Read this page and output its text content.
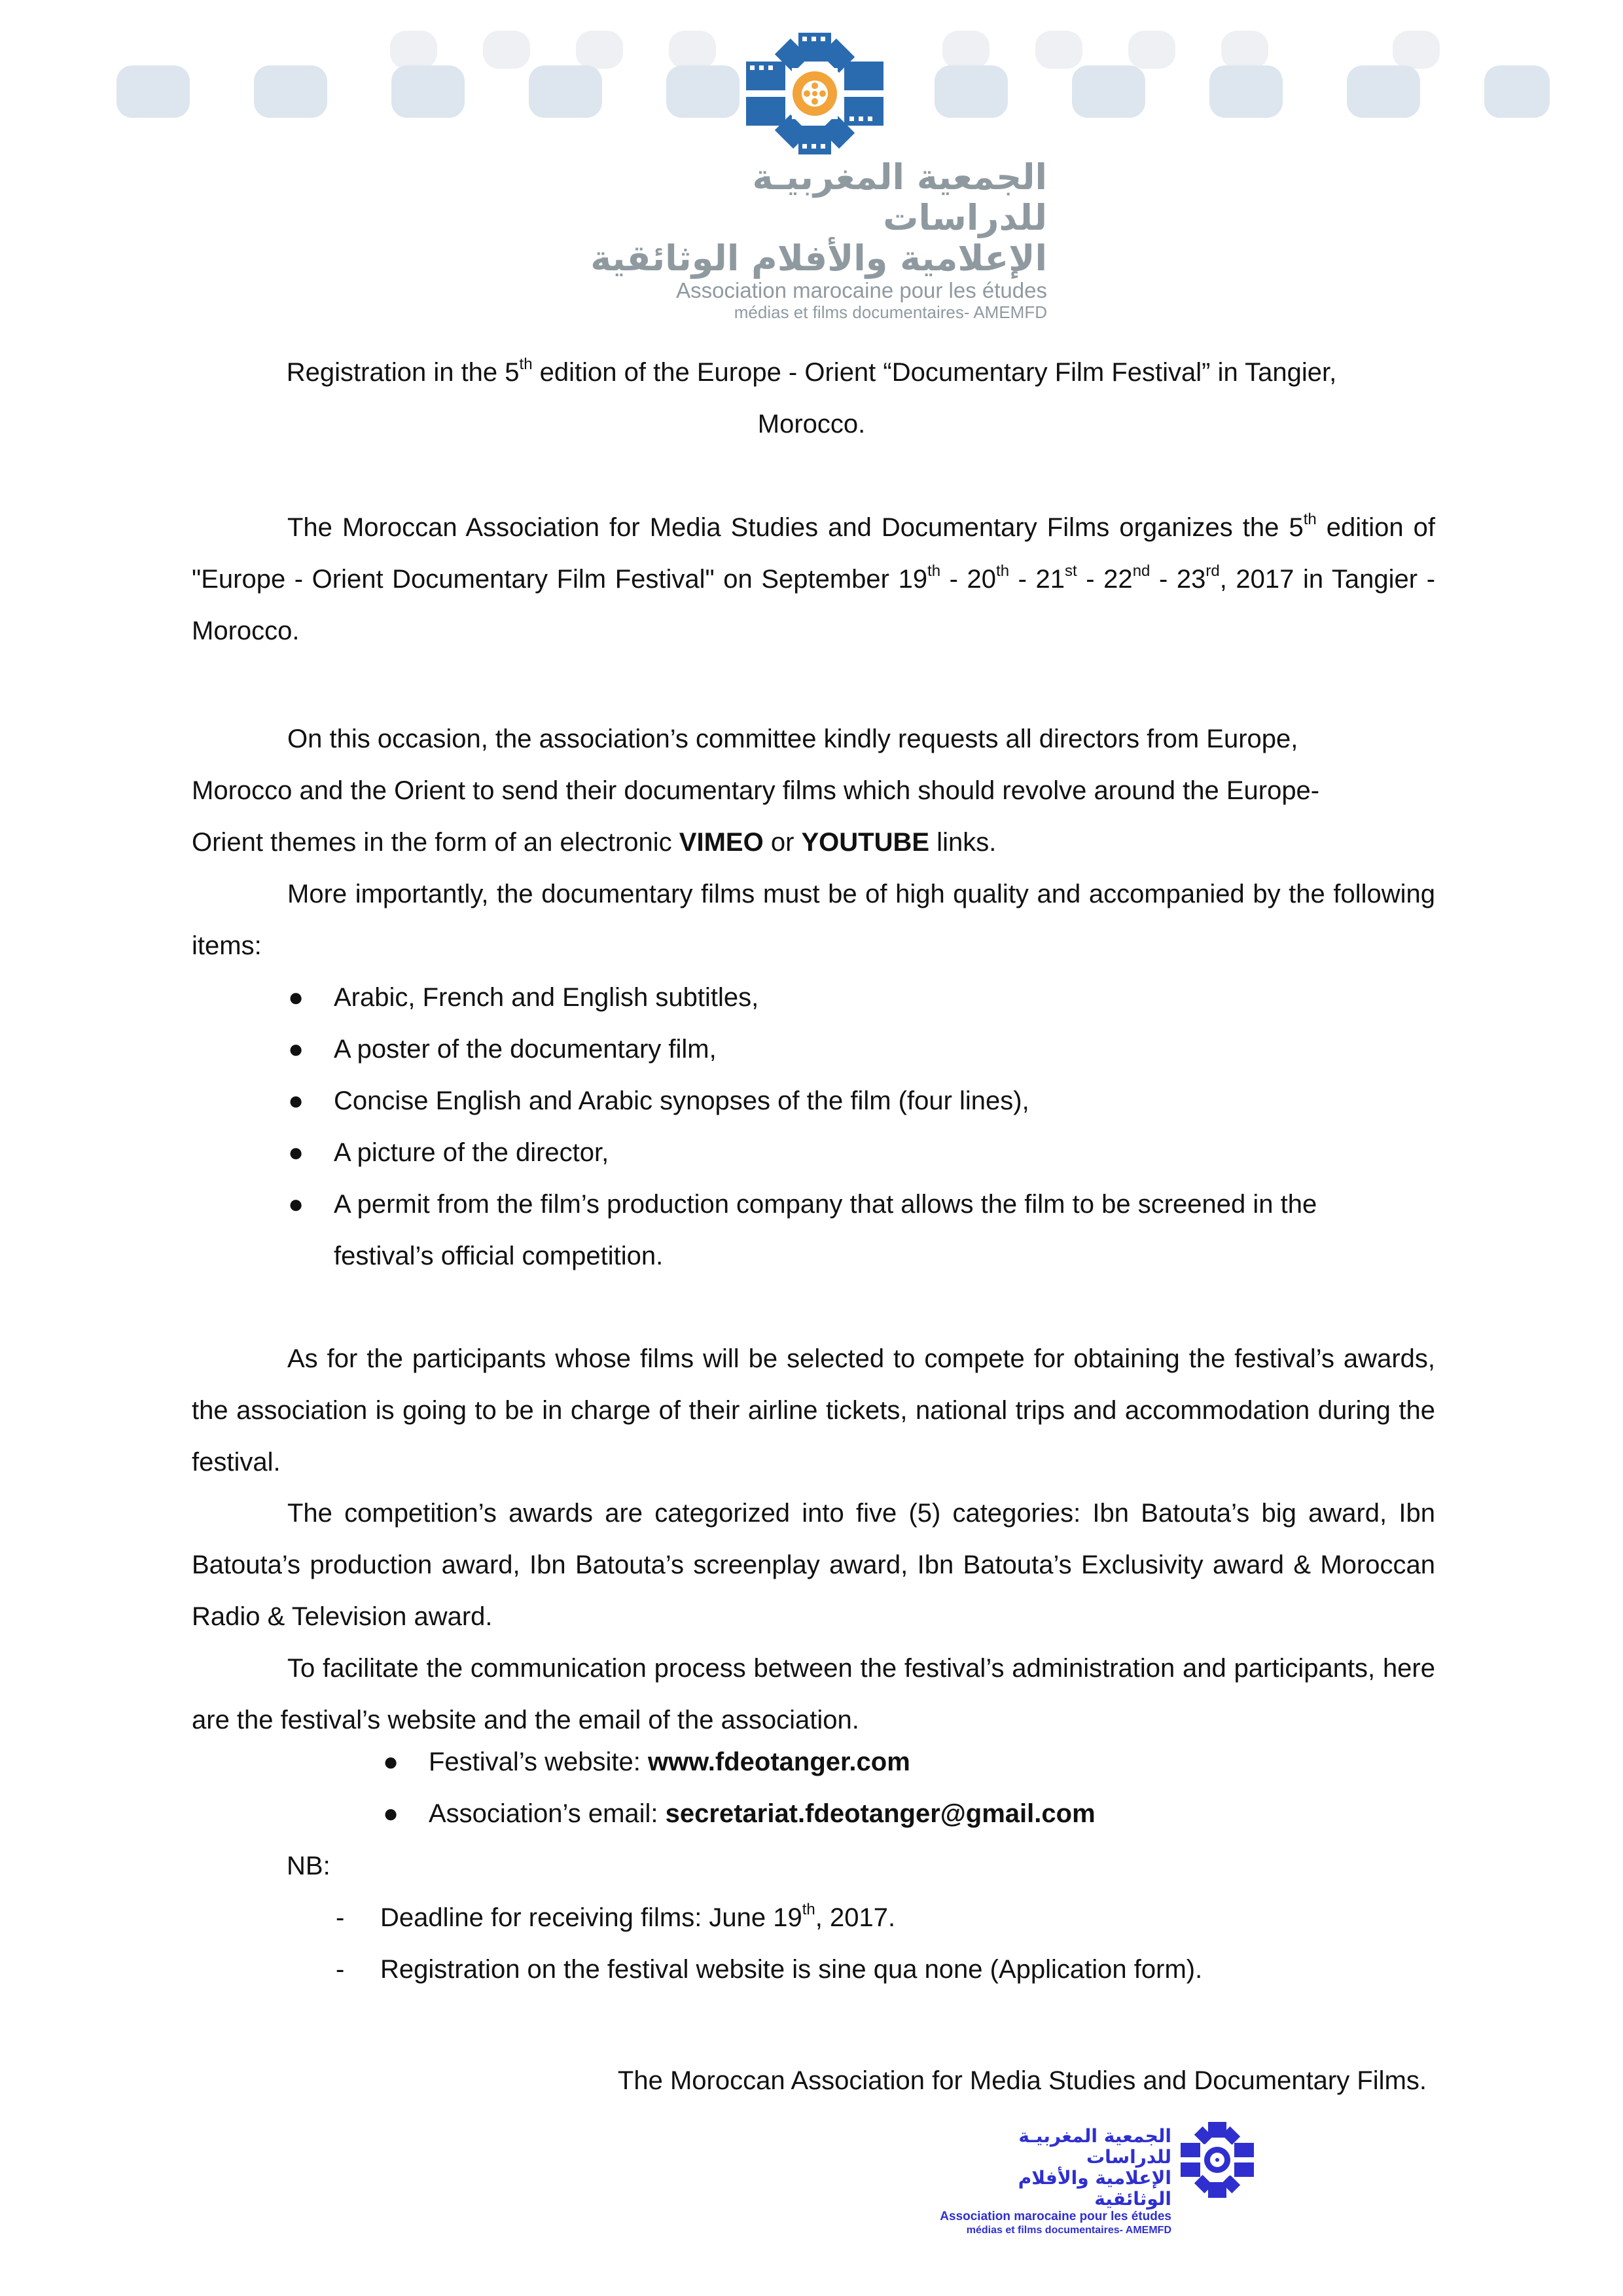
الجمعية المغربيـة للدراسات
الإعلامية والأفلام الوثائقية
Association marocaine pour les études
médias et films documentaires- AMEMFD
Registration in the 5th edition of the Europe - Orient “Documentary Film Festival” in Tangier,
Morocco.
The Moroccan Association for Media Studies and Documentary Films organizes the 5th edition of "Europe - Orient Documentary Film Festival" on September 19th - 20th - 21st - 22nd - 23rd, 2017 in Tangier - Morocco.
On this occasion, the association’s committee kindly requests all directors from Europe, Morocco and the Orient to send their documentary films which should revolve around the Europe-Orient themes in the form of an electronic VIMEO or YOUTUBE links.
More importantly, the documentary films must be of high quality and accompanied by the following items:
● Arabic, French and English subtitles,
● A poster of the documentary film,
● Concise English and Arabic synopses of the film (four lines),
● A picture of the director,
● A permit from the film’s production company that allows the film to be screened in the festival’s official competition.
As for the participants whose films will be selected to compete for obtaining the festival’s awards, the association is going to be in charge of their airline tickets, national trips and accommodation during the festival.
The competition’s awards are categorized into five (5) categories: Ibn Batouta’s big award, Ibn Batouta’s production award, Ibn Batouta’s screenplay award, Ibn Batouta’s Exclusivity award & Moroccan Radio & Television award.
To facilitate the communication process between the festival’s administration and participants, here are the festival’s website and the email of the association.
● Festival’s website: www.fdeotanger.com
● Association’s email: secretariat.fdeotanger@gmail.com
NB:
- Deadline for receiving films: June 19th, 2017.
- Registration on the festival website is sine qua none (Application form).
The Moroccan Association for Media Studies and Documentary Films.
الجمعية المغربيـة للدراسات
الإعلامية والأفلام الوثائقية
Association marocaine pour les études
médias et films documentaires- AMEMFD
